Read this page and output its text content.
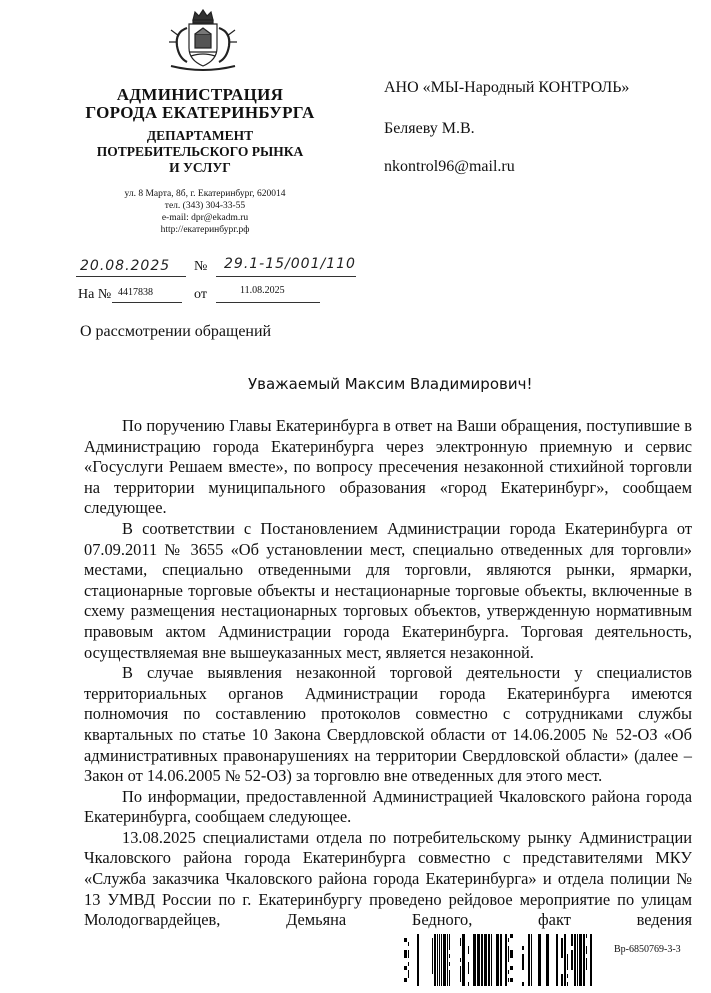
АДМИНИСТРАЦИЯ
ГОРОДА ЕКАТЕРИНБУРГА
ДЕПАРТАМЕНТ
ПОТРЕБИТЕЛЬСКОГО РЫНКА
И УСЛУГ
ул. 8 Марта, 8б, г. Екатеринбург, 620014
тел. (343) 304-33-55
e-mail: dpr@ekadm.ru
http://екатеринбург.рф
АНО «МЫ-Народный КОНТРОЛЬ»
Беляеву М.В.
nkontrol96@mail.ru
20.08.2025 № 29.1-15/001/110
На № 4417838	от	11.08.2025
О рассмотрении обращений
Уважаемый Максим Владимирович!

По поручению Главы Екатеринбурга в ответ на Ваши обращения, поступившие в Администрацию города Екатеринбурга через электронную приемную и сервис «Госуслуги Решаем вместе», по вопросу пресечения незаконной стихийной торговли на территории муниципального образования «город Екатеринбург», сообщаем следующее.

В соответствии с Постановлением Администрации города Екатеринбурга от 07.09.2011 № 3655 «Об установлении мест, специально отведенных для торговли» местами, специально отведенными для торговли, являются рынки, ярмарки, стационарные торговые объекты и нестационарные торговые объекты, включенные в схему размещения нестационарных торговых объектов, утвержденную нормативным правовым актом Администрации города Екатеринбурга. Торговая деятельность, осуществляемая вне вышеуказанных мест, является незаконной.

В случае выявления незаконной торговой деятельности у специалистов территориальных органов Администрации города Екатеринбурга имеются полномочия по составлению протоколов совместно с сотрудниками службы квартальных по статье 10 Закона Свердловской области от 14.06.2005 № 52-ОЗ «Об административных правонарушениях на территории Свердловской области» (далее – Закон от 14.06.2005 № 52-ОЗ) за торговлю вне отведенных для этого мест.

По информации, предоставленной Администрацией Чкаловского района города Екатеринбурга, сообщаем следующее.

13.08.2025 специалистами отдела по потребительскому рынку Администрации Чкаловского района города Екатеринбурга совместно с представителями МКУ «Служба заказчика Чкаловского района города Екатеринбурга» и отдела полиции № 13 УМВД России по г. Екатеринбургу проведено рейдовое мероприятие по улицам Молодогвардейцев, Демьяна Бедного, факт ведения

Вр-6850769-3-3
